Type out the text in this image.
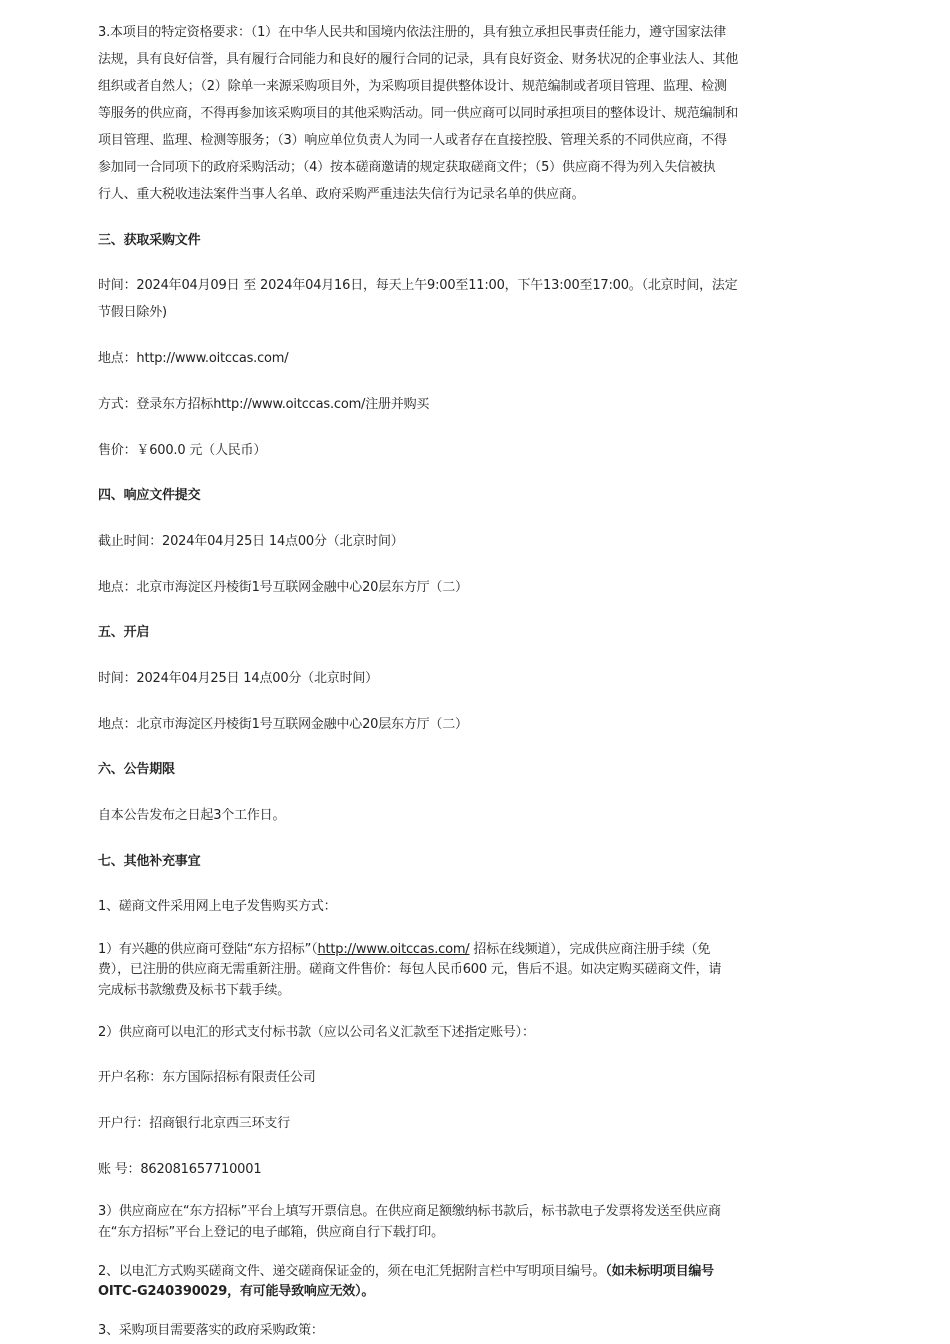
3.本项目的特定资格要求：（1）在中华人民共和国境内依法注册的，具有独立承担民事责任能力，遵守国家法律
法规，具有良好信誉，具有履行合同能力和良好的履行合同的记录，具有良好资金、财务状况的企事业法人、其他
组织或者自然人；（2）除单一来源采购项目外，为采购项目提供整体设计、规范编制或者项目管理、监理、检测
等服务的供应商，不得再参加该采购项目的其他采购活动。同一供应商可以同时承担项目的整体设计、规范编制和
项目管理、监理、检测等服务；（3）响应单位负责人为同一人或者存在直接控股、管理关系的不同供应商，不得
参加同一合同项下的政府采购活动；（4）按本磋商邀请的规定获取磋商文件；（5）供应商不得为列入失信被执
行人、重大税收违法案件当事人名单、政府采购严重违法失信行为记录名单的供应商。
三、获取采购文件
时间：2024年04月09日 至 2024年04月16日，每天上午9:00至11:00，下午13:00至17:00。（北京时间，法定
节假日除外)
地点：http://www.oitccas.com/
方式：登录东方招标http://www.oitccas.com/注册并购买
售价：￥600.0 元（人民币）
四、响应文件提交
截止时间：2024年04月25日 14点00分（北京时间）
地点：北京市海淀区丹棱街1号互联网金融中心20层东方厅（二）
五、开启
时间：2024年04月25日 14点00分（北京时间）
地点：北京市海淀区丹棱街1号互联网金融中心20层东方厅（二）
六、公告期限
自本公告发布之日起3个工作日。
七、其他补充事宜
1、磋商文件采用网上电子发售购买方式：
1）有兴趣的供应商可登陆“东方招标”（http://www.oitccas.com/ 招标在线频道），完成供应商注册手续（免
费），已注册的供应商无需重新注册。磋商文件售价：每包人民币600 元，售后不退。如决定购买磋商文件，请
完成标书款缴费及标书下载手续。
2）供应商可以电汇的形式支付标书款（应以公司名义汇款至下述指定账号）：
开户名称：东方国际招标有限责任公司
开户行：招商银行北京西三环支行
账 号：862081657710001
3）供应商应在“东方招标”平台上填写开票信息。在供应商足额缴纳标书款后，标书款电子发票将发送至供应商
在“东方招标”平台上登记的电子邮箱，供应商自行下载打印。
2、以电汇方式购买磋商文件、递交磋商保证金的，须在电汇凭据附言栏中写明项目编号。（如未标明项目编号
OITC-G240390029，有可能导致响应无效）。
3、采购项目需要落实的政府采购政策：
